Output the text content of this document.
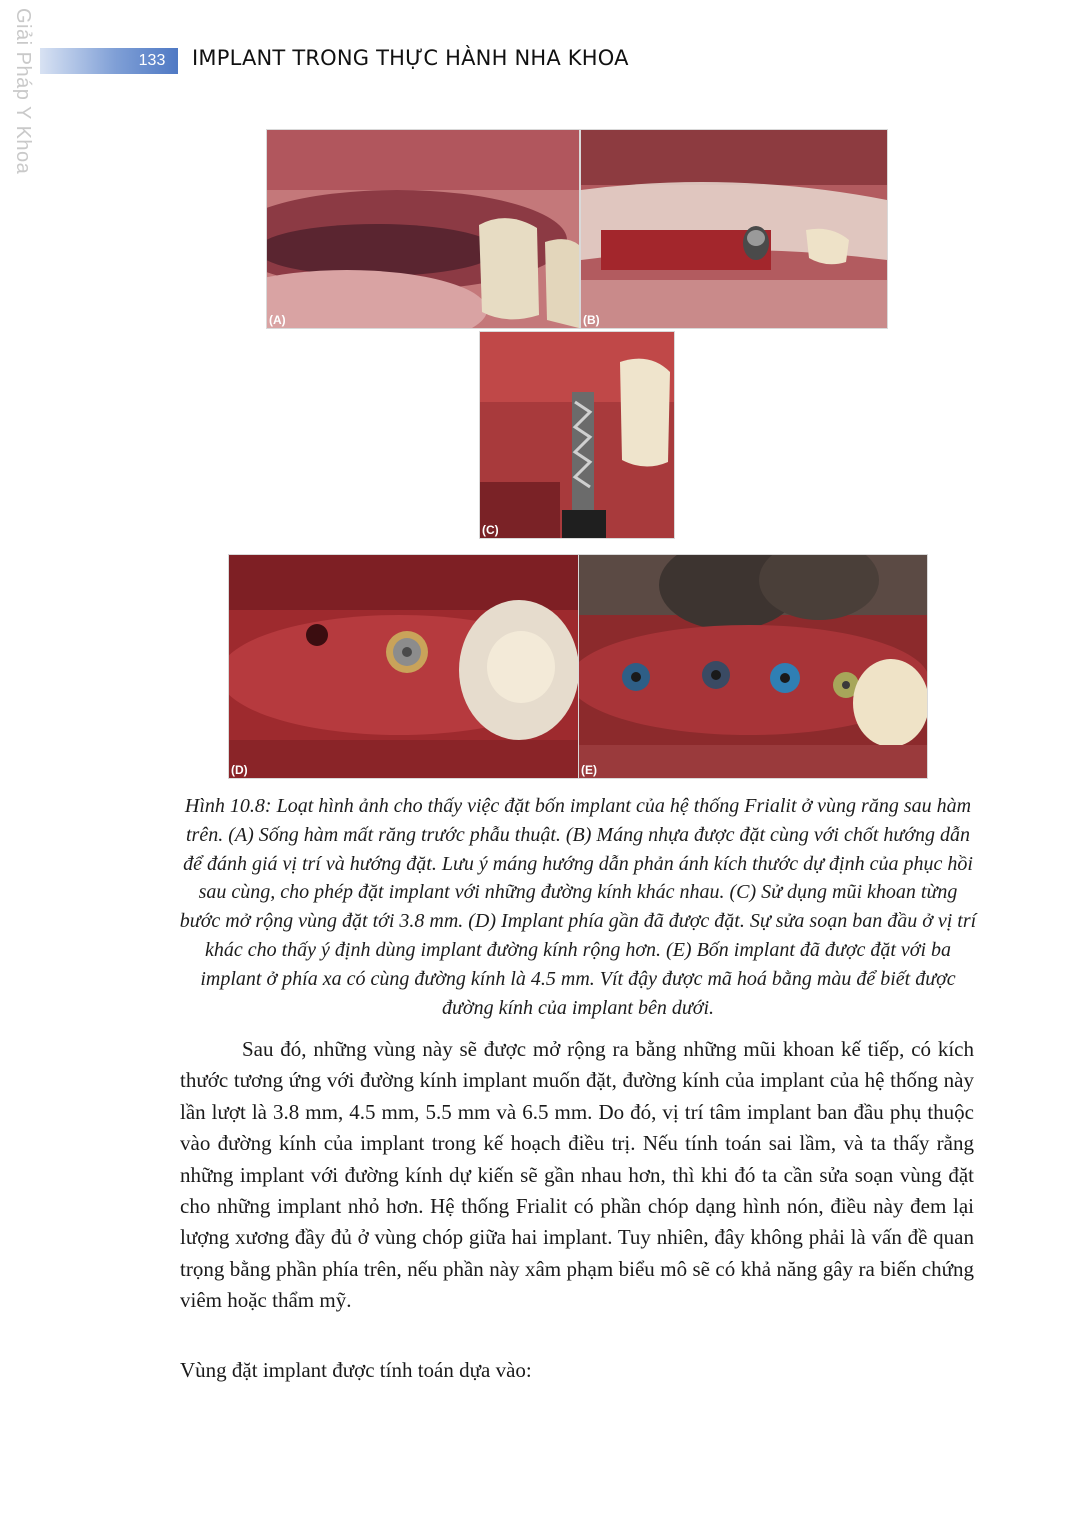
Giải Pháp Y Khoa	133	IMPLANT TRONG THỰC HÀNH NHA KHOA
(A)	(B)
(C)
(D)	(E)
Hình 10.8: Loạt hình ảnh cho thấy việc đặt bốn implant của hệ thống Frialit ở vùng răng sau hàm trên. (A) Sống hàm mất răng trước phẫu thuật. (B) Máng nhựa được đặt cùng với chốt hướng dẫn để đánh giá vị trí và hướng đặt. Lưu ý máng hướng dẫn phản ánh kích thước dự định của phục hồi sau cùng, cho phép đặt implant với những đường kính khác nhau. (C) Sử dụng mũi khoan từng bước mở rộng vùng đặt tới 3.8 mm. (D) Implant phía gần đã được đặt. Sự sửa soạn ban đầu ở vị trí khác cho thấy ý định dùng implant đường kính rộng hơn. (E) Bốn implant đã được đặt với ba implant ở phía xa có cùng đường kính là 4.5 mm. Vít đậy được mã hoá bằng màu để biết được đường kính của implant bên dưới.

Sau đó, những vùng này sẽ được mở rộng ra bằng những mũi khoan kế tiếp, có kích thước tương ứng với đường kính implant muốn đặt, đường kính của implant của hệ thống này lần lượt là 3.8 mm, 4.5 mm, 5.5 mm và 6.5 mm. Do đó, vị trí tâm implant ban đầu phụ thuộc vào đường kính của implant trong kế hoạch điều trị. Nếu tính toán sai lầm, và ta thấy rằng những implant với đường kính dự kiến sẽ gần nhau hơn, thì khi đó ta cần sửa soạn vùng đặt cho những implant nhỏ hơn. Hệ thống Frialit có phần chóp dạng hình nón, điều này đem lại lượng xương đầy đủ ở vùng chóp giữa hai implant. Tuy nhiên, đây không phải là vấn đề quan trọng bằng phần phía trên, nếu phần này xâm phạm biểu mô sẽ có khả năng gây ra biến chứng viêm hoặc thẩm mỹ.

Vùng đặt implant được tính toán dựa vào:
